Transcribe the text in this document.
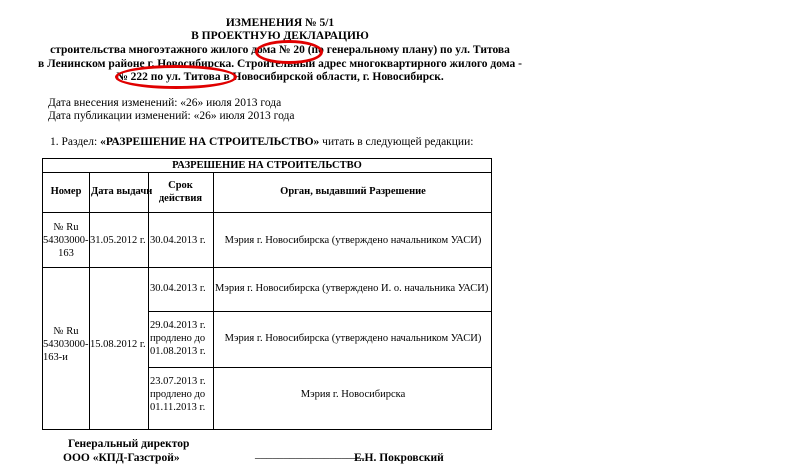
ИЗМЕНЕНИЯ № 5/1
В ПРОЕКТНУЮ ДЕКЛАРАЦИЮ
строительства многоэтажного жилого дома № 20 (по генеральному плану) по ул. Титова
в Ленинском районе г. Новосибирска. Строительный адрес многоквартирного жилого дома -
№ 222 по ул. Титова в Новосибирской области, г. Новосибирск.
Дата внесения изменений: «26» июля 2013 года
Дата публикации изменений: «26» июля 2013 года
1. Раздел: «РАЗРЕШЕНИЕ НА СТРОИТЕЛЬСТВО» читать в следующей редакции:
РАЗРЕШЕНИЕ НА СТРОИТЕЛЬСТВО
Номер Дата выдачи
Срок
действия
Орган, выдавший Разрешение
№ Ru
54303000-
163
31.05.2012 г. 30.04.2013 г.	Мэрия г. Новосибирска (утверждено начальником УАСИ)
№ Ru
54303000-
163-и
15.08.2012 г.
30.04.2013 г. Мэрия г. Новосибирска (утверждено И. о. начальника УАСИ)
29.04.2013 г.
продлено до
01.08.2013 г.
Мэрия г. Новосибирска (утверждено начальником УАСИ)
23.07.2013 г.
продлено до
01.11.2013 г.
Мэрия г. Новосибирска
Генеральный директор
ООО «КПД-Газстрой»	___________________
Е.Н. Покровский
